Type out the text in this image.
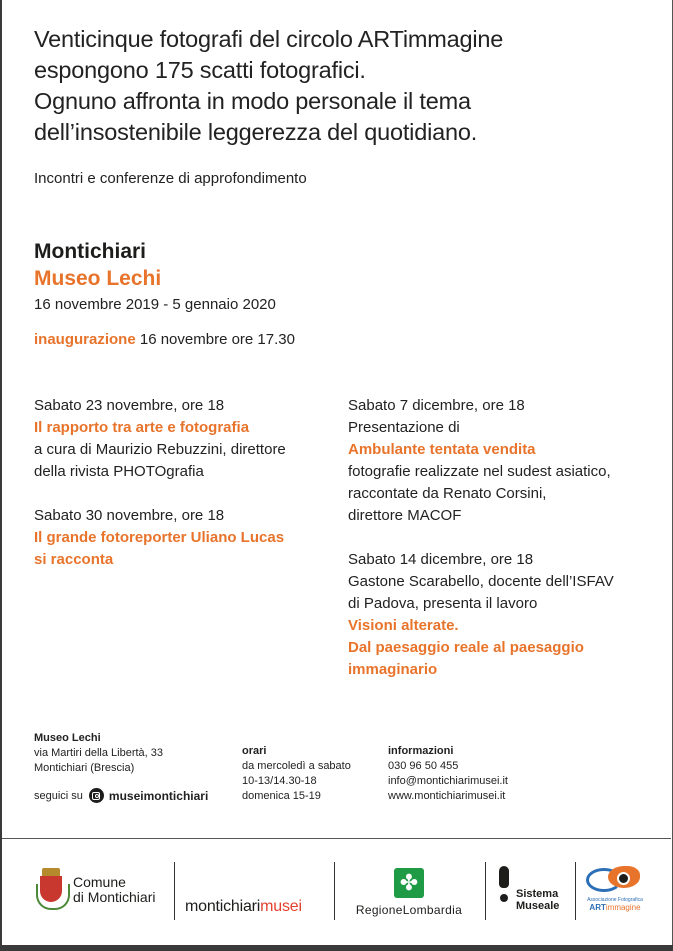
Venticinque fotografi del circolo ARTimmagine
espongono 175 scatti fotografici.
Ognuno affronta in modo personale il tema
dell’insostenibile leggerezza del quotidiano.
Incontri e conferenze di approfondimento
Montichiari
Museo Lechi
16 novembre 2019 - 5 gennaio 2020
inaugurazione 16 novembre ore 17.30
Sabato 23 novembre, ore 18
Il rapporto tra arte e fotografia
a cura di Maurizio Rebuzzini, direttore
della rivista PHOTOgrafia
Sabato 30 novembre, ore 18
Il grande fotoreporter Uliano Lucas
si racconta
Sabato 7 dicembre, ore 18
Presentazione di
Ambulante tentata vendita
fotografie realizzate nel sudest asiatico,
raccontate da Renato Corsini,
direttore MACOF
Sabato 14 dicembre, ore 18
Gastone Scarabello, docente dell’ISFAV
di Padova, presenta il lavoro
Visioni alterate.
Dal paesaggio reale al paesaggio
immaginario
Museo Lechi
via Martiri della Libertà, 33
Montichiari (Brescia)
seguici su museimontichiari
orari
da mercoledì a sabato
10-13/14.30-18
domenica 15-19
informazioni
030 96 50 455
info@montichiarimusei.it
www.montichiarimusei.it
Comune
di Montichiari
montichiarimusei
✤
RegioneLombardia
Sistema
Museale	Associazione Fotografica
ARTimmagine
